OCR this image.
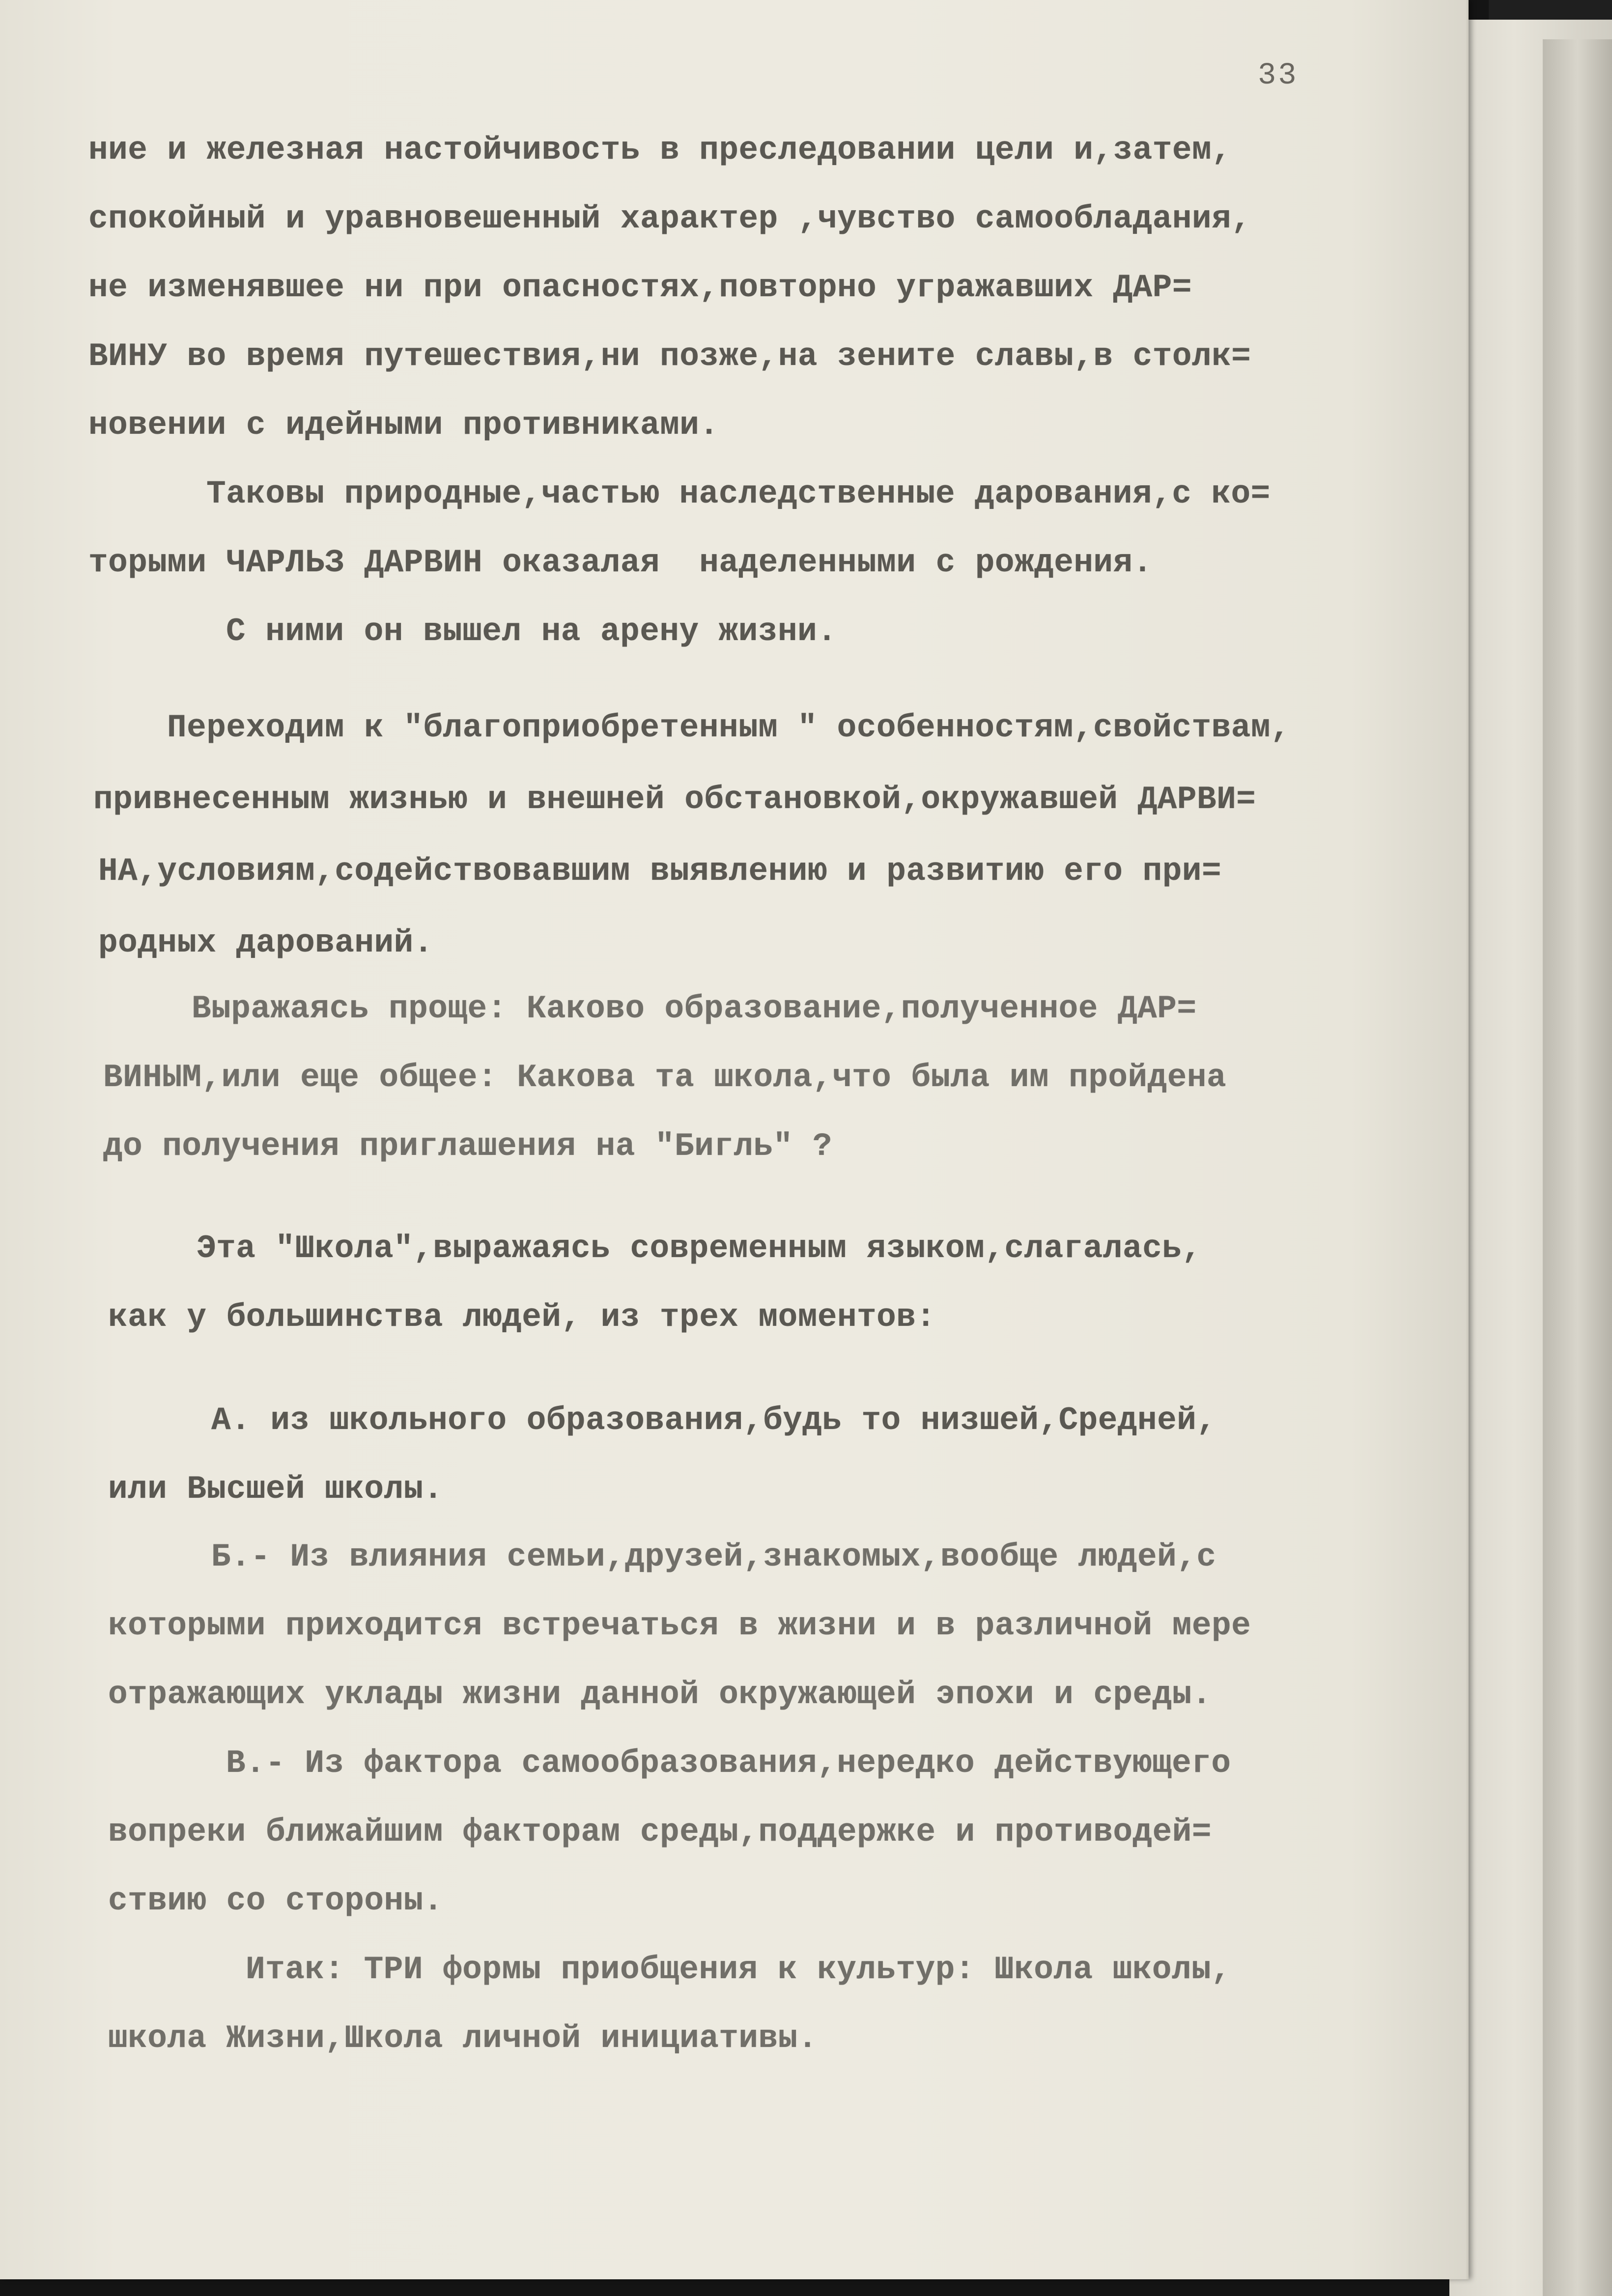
33
ние и железная настойчивость в преследовании цели и,затем,
спокойный и уравновешенный характер ,чувство самообладания,
не изменявшее ни при опасностях,повторно угражавших ДАР=
ВИНУ во время путешествия,ни позже,на зените славы,в столк=
новении с идейными противниками.
Таковы природные,частью наследственные дарования,с ко=
торыми ЧАРЛЬЗ ДАРВИН оказалая  наделенными с рождения.
С ними он вышел на арену жизни.
Переходим к "благоприобретенным " особенностям,свойствам,
привнесенным жизнью и внешней обстановкой,окружавшей ДАРВИ=
НА,условиям,содействовавшим выявлению и развитию его при=
родных дарований.
Выражаясь проще: Каково образование,полученное ДАР=
ВИНЫМ,или еще общее: Какова та школа,что была им пройдена
до получения приглашения на "Бигль" ?
Эта "Школа",выражаясь современным языком,слагалась,
как у большинства людей, из трех моментов:
А. из школьного образования,будь то низшей,Средней,
или Высшей школы.
Б.- Из влияния семьи,друзей,знакомых,вообще людей,с
которыми приходится встречаться в жизни и в различной мере
отражающих уклады жизни данной окружающей эпохи и среды.
В.- Из фактора самообразования,нередко действующего
вопреки ближайшим факторам среды,поддержке и противодей=
ствию со стороны.
Итак: ТРИ формы приобщения к культур: Школа школы,
школа Жизни,Школа личной инициативы.
